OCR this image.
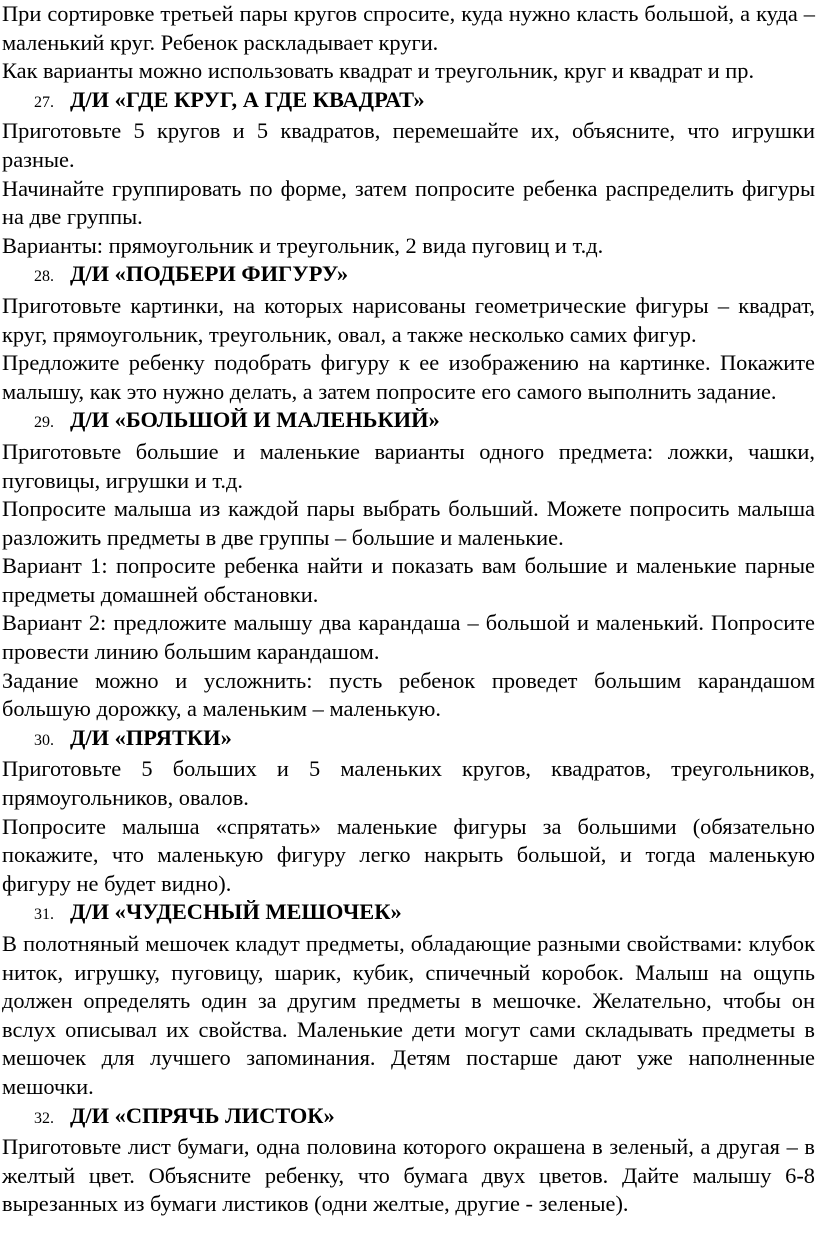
При сортировке третьей пары кругов спросите, куда нужно класть большой, а куда – маленький круг. Ребенок раскладывает круги.

Как варианты можно использовать квадрат и треугольник, круг и квадрат и пр.

27. Д/И «ГДЕ КРУГ, А ГДЕ КВАДРАТ»

Приготовьте 5 кругов и 5 квадратов, перемешайте их, объясните, что игрушки разные.

Начинайте группировать по форме, затем попросите ребенка распределить фигуры на две группы.

Варианты: прямоугольник и треугольник, 2 вида пуговиц и т.д.

28. Д/И «ПОДБЕРИ ФИГУРУ»

Приготовьте картинки, на которых нарисованы геометрические фигуры – квадрат, круг, прямоугольник, треугольник, овал, а также несколько самих фигур.

Предложите ребенку подобрать фигуру к ее изображению на картинке. Покажите малышу, как это нужно делать, а затем попросите его самого выполнить задание.

29. Д/И «БОЛЬШОЙ И МАЛЕНЬКИЙ»

Приготовьте большие и маленькие варианты одного предмета: ложки, чашки, пуговицы, игрушки и т.д.

Попросите малыша из каждой пары выбрать больший. Можете попросить малыша разложить предметы в две группы – большие и маленькие.

Вариант 1: попросите ребенка найти и показать вам большие и маленькие парные предметы домашней обстановки.

Вариант 2: предложите малышу два карандаша – большой и маленький. Попросите провести линию большим карандашом.

Задание можно и усложнить: пусть ребенок проведет большим карандашом большую дорожку, а маленьким – маленькую.

30. Д/И «ПРЯТКИ»

Приготовьте 5 больших и 5 маленьких кругов, квадратов, треугольников, прямоугольников, овалов.

Попросите малыша «спрятать» маленькие фигуры за большими (обязательно покажите, что маленькую фигуру легко накрыть большой, и тогда маленькую фигуру не будет видно).

31. Д/И «ЧУДЕСНЫЙ МЕШОЧЕК»

В полотняный мешочек кладут предметы, обладающие разными свойствами: клубок ниток, игрушку, пуговицу, шарик, кубик, спичечный коробок. Малыш на ощупь должен определять один за другим предметы в мешочке. Желательно, чтобы он вслух описывал их свойства. Маленькие дети могут сами складывать предметы в мешочек для лучшего запоминания. Детям постарше дают уже наполненные мешочки.

32. Д/И «СПРЯЧЬ ЛИСТОК»

Приготовьте лист бумаги, одна половина которого окрашена в зеленый, а другая – в желтый цвет. Объясните ребенку, что бумага двух цветов. Дайте малышу 6-8 вырезанных из бумаги листиков (одни желтые, другие - зеленые).
